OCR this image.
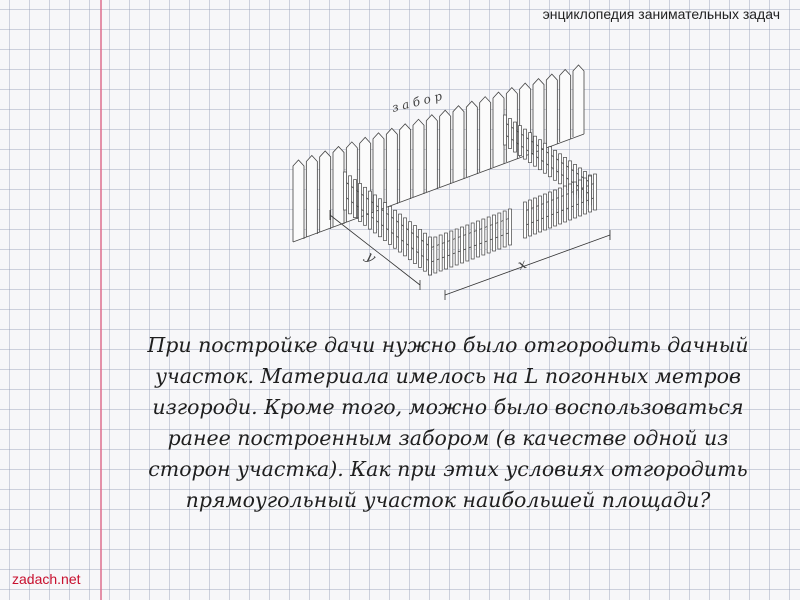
энциклопедия занимательных задач
з а б о р
у	х

При постройке дачи нужно было отгородить дачный участок. Материала имелось на L погонных метров изгороди. Кроме того, можно было воспользоваться ранее построенным забором (в качестве одной из сторон участка). Как при этих условиях отгородить прямоугольный участок наибольшей площади?

zadach.net
